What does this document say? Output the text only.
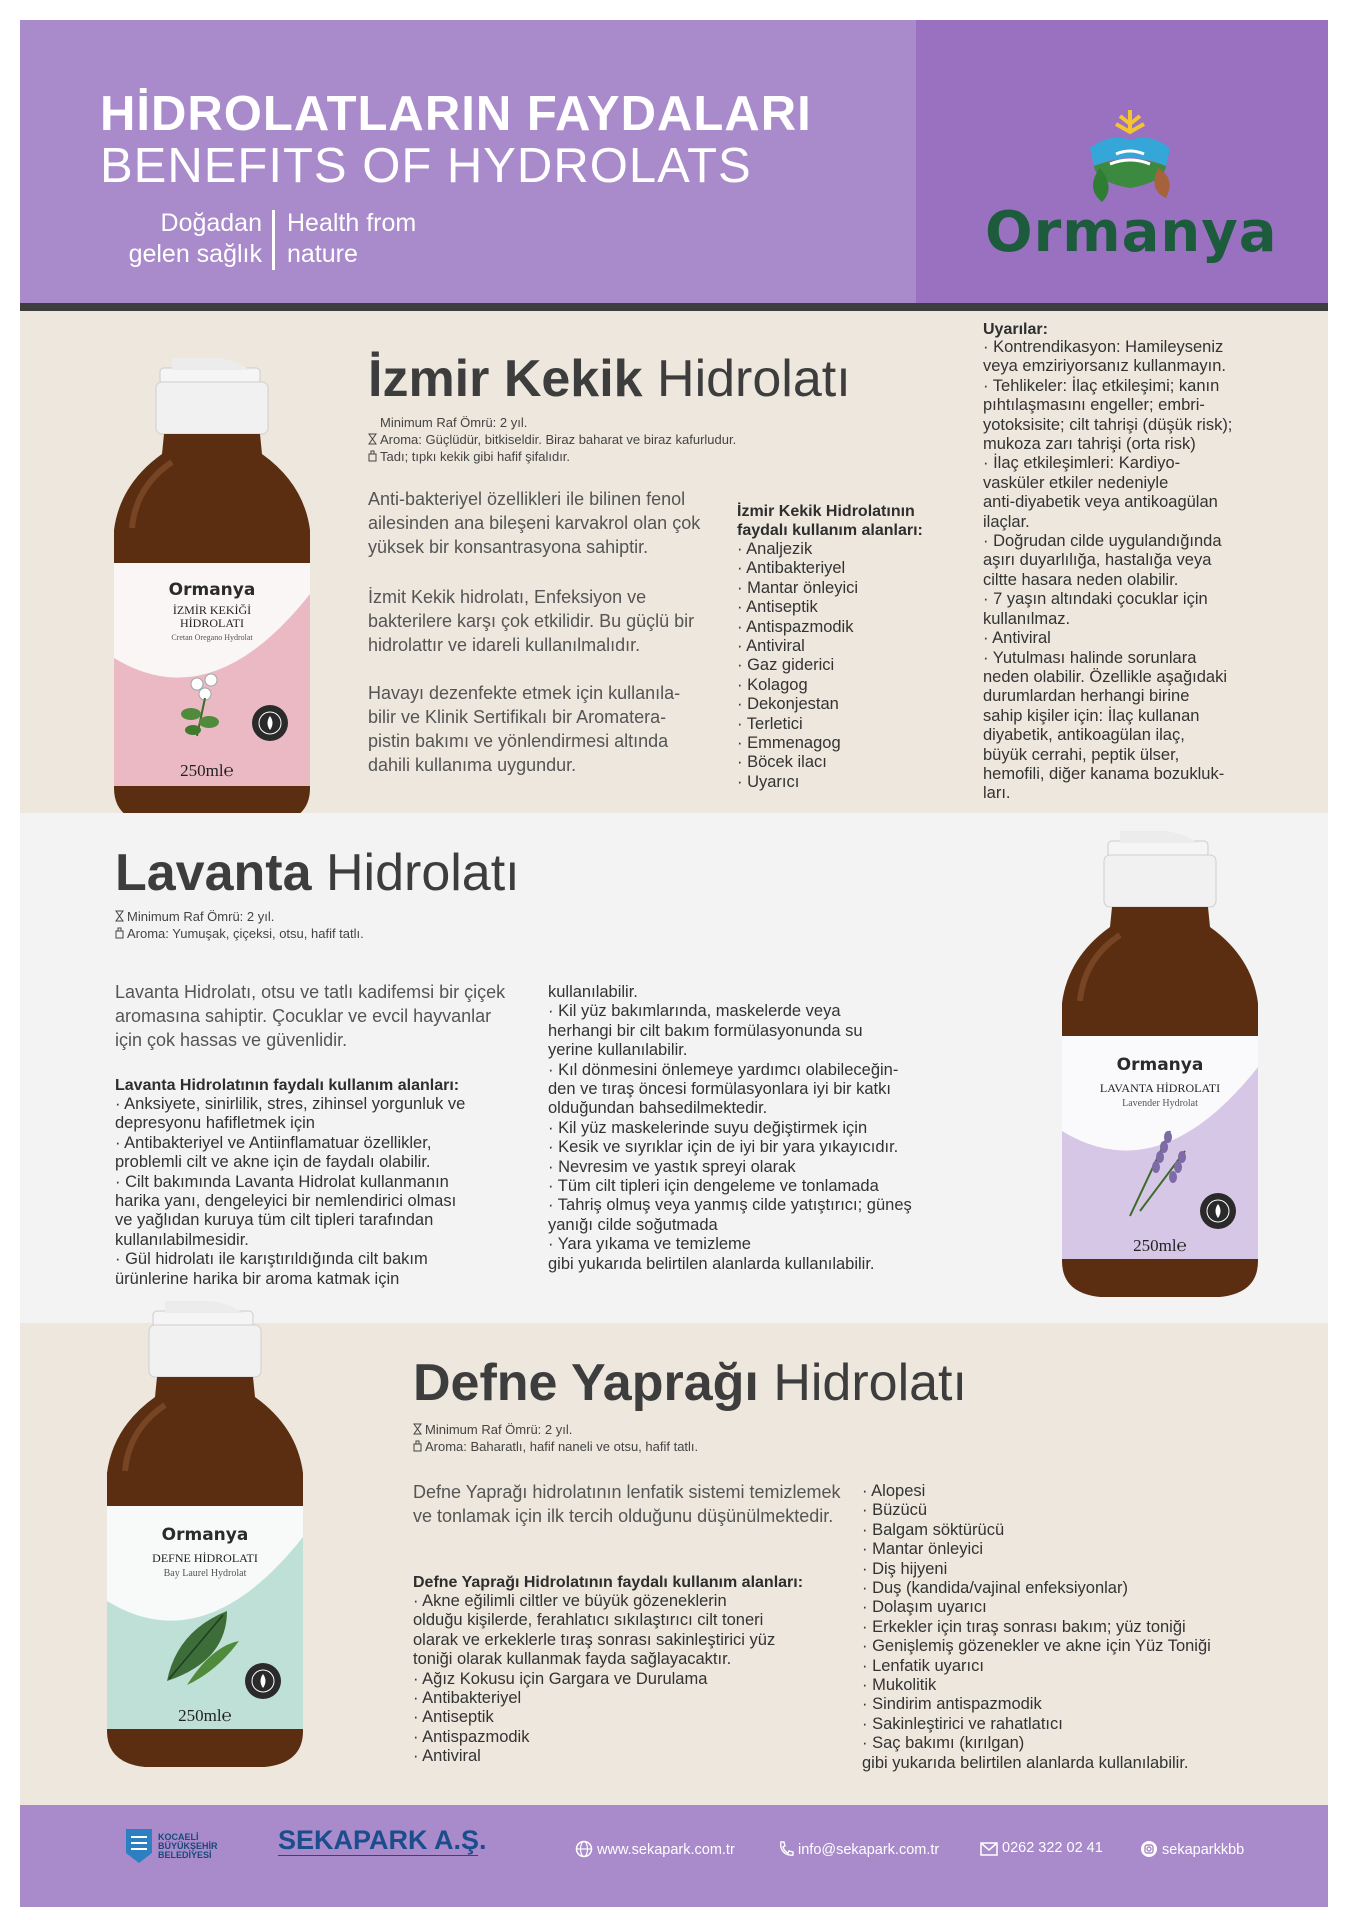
HİDROLATLARIN FAYDALARI
BENEFITS OF HYDROLATS
Doğadan gelen sağlık
Health from nature	Ormanya
Ormanya
İZMİR KEKİĞİ HİDROLATI
Cretan Oregano Hydrolat
250ml℮
İzmir Kekik Hidrolatı
Minimum Raf Ömrü: 2 yıl.
Aroma: Güçlüdür, bitkiseldir. Biraz baharat ve biraz kafurludur.
Tadı; tıpkı kekik gibi hafif şifalıdır.
Anti-bakteriyel özellikleri ile bilinen fenol ailesinden ana bileşeni karvakrol olan çok yüksek bir konsantrasyona sahiptir.
İzmit Kekik hidrolatı, Enfeksiyon ve bakterilere karşı çok etkilidir. Bu güçlü bir hidrolattır ve idareli kullanılmalıdır.
Havayı dezenfekte etmek için kullanıla-bilir ve Klinik Sertifikalı bir Aromatera-pistin bakımı ve yönlendirmesi altında dahili kullanıma uygundur.
İzmir Kekik Hidrolatının faydalı kullanım alanları:
· Analjezik
· Antibakteriyel
· Mantar önleyici
· Antiseptik
· Antispazmodik
· Antiviral
· Gaz giderici
· Kolagog
· Dekonjestan
· Terletici
· Emmenagog
· Böcek ilacı
· Uyarıcı
Uyarılar:
· Kontrendikasyon: Hamileyseniz
veya emziriyorsanız kullanmayın.
· Tehlikeler: İlaç etkileşimi; kanın
pıhtılaşmasını engeller; embri-
yotoksisite; cilt tahrişi (düşük risk);
mukoza zarı tahrişi (orta risk)
· İlaç etkileşimleri: Kardiyo-
vasküler etkiler nedeniyle
anti-diyabetik veya antikoagülan
ilaçlar.
· Doğrudan cilde uygulandığında
aşırı duyarlılığa, hastalığa veya
ciltte hasara neden olabilir.
· 7 yaşın altındaki çocuklar için
kullanılmaz.
· Antiviral
· Yutulması halinde sorunlara
neden olabilir. Özellikle aşağıdaki
durumlardan herhangi birine
sahip kişiler için: İlaç kullanan
diyabetik, antikoagülan ilaç,
büyük cerrahi, peptik ülser,
hemofili, diğer kanama bozukluk-
ları.
Lavanta Hidrolatı
Minimum Raf Ömrü: 2 yıl.
Aroma: Yumuşak, çiçeksi, otsu, hafif tatlı.
Lavanta Hidrolatı, otsu ve tatlı kadifemsi bir çiçek aromasına sahiptir. Çocuklar ve evcil hayvanlar için çok hassas ve güvenlidir.
Lavanta Hidrolatının faydalı kullanım alanları:
· Anksiyete, sinirlilik, stres, zihinsel yorgunluk ve
depresyonu hafifletmek için
· Antibakteriyel ve Antiinflamatuar özellikler,
problemli cilt ve akne için de faydalı olabilir.
· Cilt bakımında Lavanta Hidrolat kullanmanın
harika yanı, dengeleyici bir nemlendirici olması
ve yağlıdan kuruya tüm cilt tipleri tarafından
kullanılabilmesidir.
· Gül hidrolatı ile karıştırıldığında cilt bakım
ürünlerine harika bir aroma katmak için
kullanılabilir.
· Kil yüz bakımlarında, maskelerde veya
herhangi bir cilt bakım formülasyonunda su
yerine kullanılabilir.
· Kıl dönmesini önlemeye yardımcı olabileceğin-
den ve tıraş öncesi formülasyonlara iyi bir katkı
olduğundan bahsedilmektedir.
· Kil yüz maskelerinde suyu değiştirmek için
· Kesik ve sıyrıklar için de iyi bir yara yıkayıcıdır.
· Nevresim ve yastık spreyi olarak
· Tüm cilt tipleri için dengeleme ve tonlamada
· Tahriş olmuş veya yanmış cilde yatıştırıcı; güneş
yanığı cilde soğutmada
· Yara yıkama ve temizleme
gibi yukarıda belirtilen alanlarda kullanılabilir.
Ormanya
LAVANTA HİDROLATI
Lavender Hydrolat
250ml℮
Ormanya
DEFNE HİDROLATI
Bay Laurel Hydrolat
250ml℮
Defne Yaprağı Hidrolatı
Minimum Raf Ömrü: 2 yıl.
Aroma: Baharatlı, hafif naneli ve otsu, hafif tatlı.
Defne Yaprağı hidrolatının lenfatik sistemi temizlemek ve tonlamak için ilk tercih olduğunu düşünülmektedir.
Defne Yaprağı Hidrolatının faydalı kullanım alanları:
· Akne eğilimli ciltler ve büyük gözeneklerin
olduğu kişilerde, ferahlatıcı sıkılaştırıcı cilt toneri
olarak ve erkeklerle tıraş sonrası sakinleştirici yüz
toniği olarak kullanmak fayda sağlayacaktır.
· Ağız Kokusu için Gargara ve Durulama
· Antibakteriyel
· Antiseptik
· Antispazmodik
· Antiviral
· Alopesi
· Büzücü
· Balgam söktürücü
· Mantar önleyici
· Diş hijyeni
· Duş (kandida/vajinal enfeksiyonlar)
· Dolaşım uyarıcı
· Erkekler için tıraş sonrası bakım; yüz toniği
· Genişlemiş gözenekler ve akne için Yüz Toniği
· Lenfatik uyarıcı
· Mukolitik
· Sindirim antispazmodik
· Sakinleştirici ve rahatlatıcı
· Saç bakımı (kırılgan)
gibi yukarıda belirtilen alanlarda kullanılabilir.
KOCAELİ
BÜYÜKŞEHİR
BELEDİYESİ SEKAPARK A.Ş.	www.sekapark.com.tr	info@sekapark.com.tr	0262 322 02 41	sekaparkkbb
